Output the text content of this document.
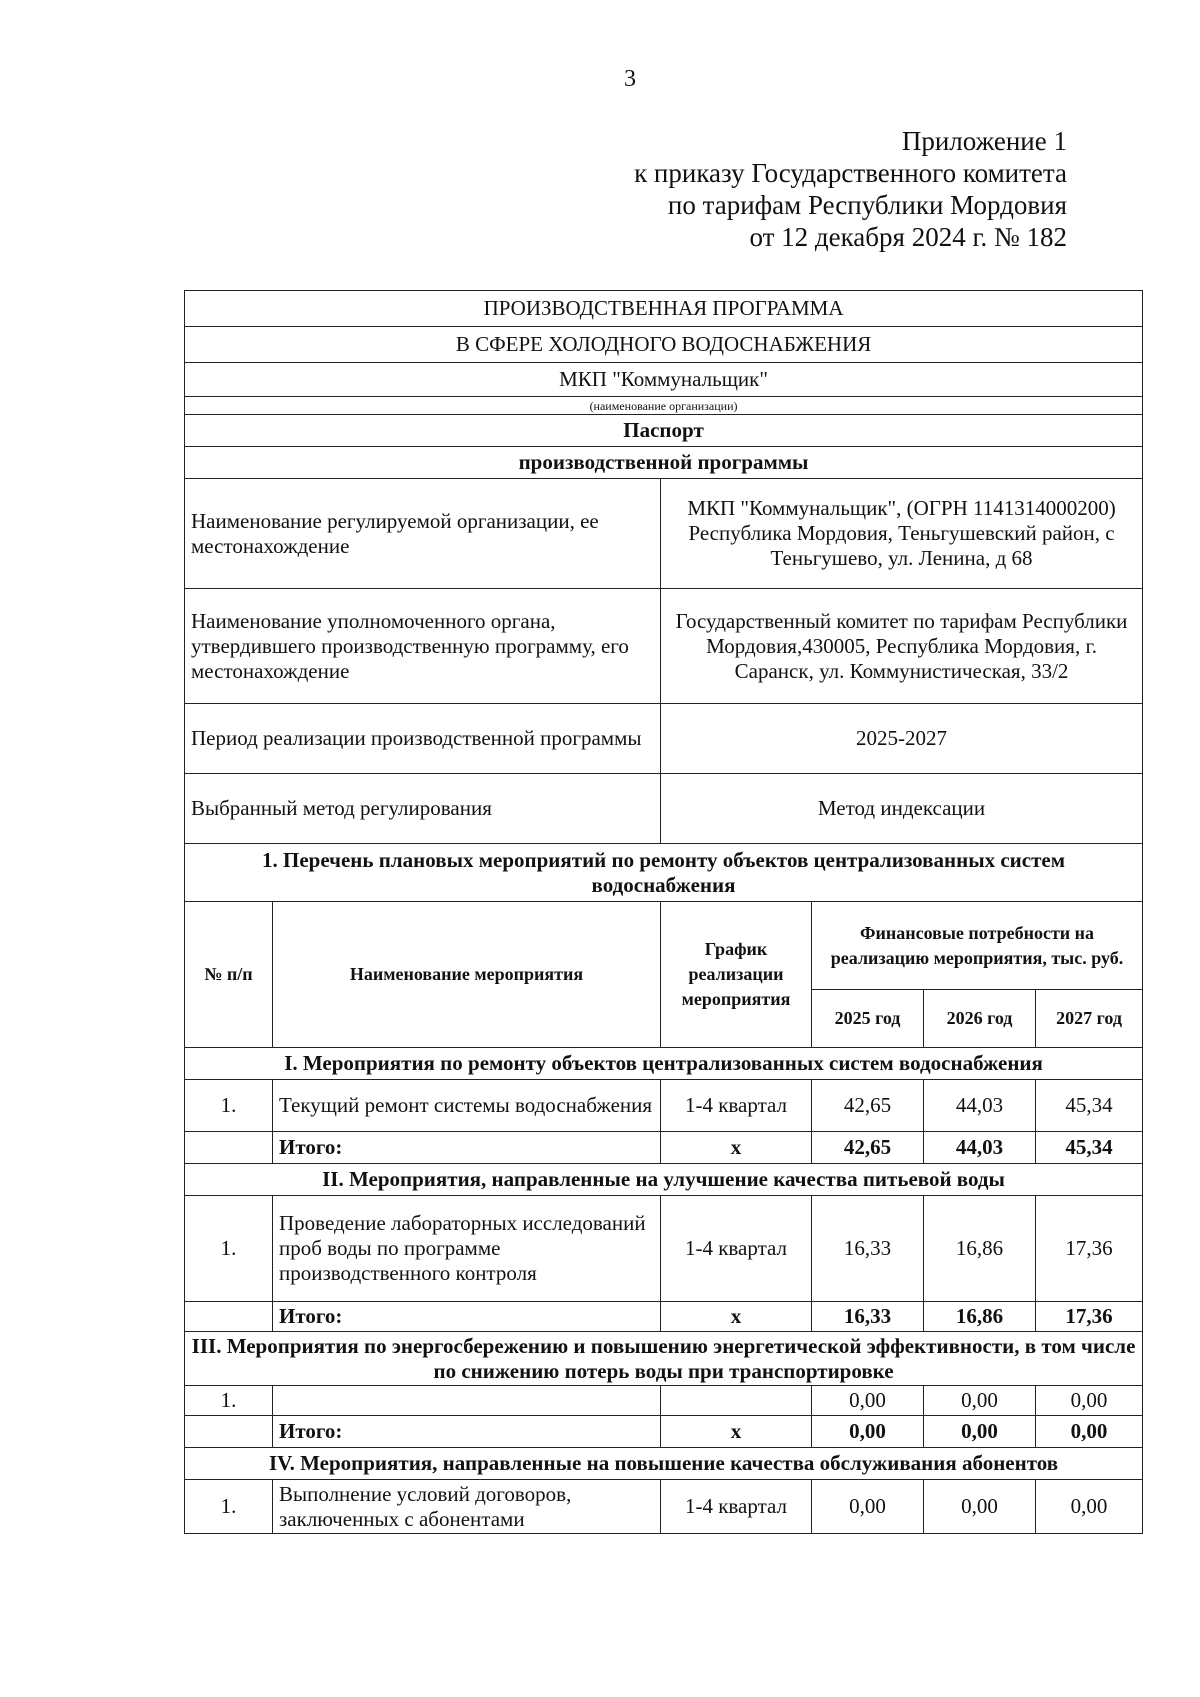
3
Приложение 1
к приказу Государственного комитета
по тарифам Республики Мордовия
от 12 декабря 2024 г. № 182
ПРОИЗВОДСТВЕННАЯ ПРОГРАММА					
В СФЕРЕ ХОЛОДНОГО ВОДОСНАБЖЕНИЯ					
МКП "Коммунальщик"					
(наименование организации)					
Паспорт					
производственной программы					
Наименование регулируемой организации, ее местонахождение		МКП "Коммунальщик", (ОГРН 1141314000200) Республика Мордовия, Теньгушевский район, с Теньгушево, ул. Ленина, д 68			
Наименование уполномоченного органа, утвердившего производственную программу, его местонахождение		Государственный комитет по тарифам Республики Мордовия,430005, Республика Мордовия, г. Саранск, ул. Коммунистическая, 33/2			
Период реализации производственной программы		2025-2027			
Выбранный метод регулирования		Метод индексации			
1. Перечень плановых мероприятий по ремонту объектов централизованных систем водоснабжения					
№ п/п	Наименование мероприятия	График реализации мероприятия	Финансовые потребности на реализацию мероприятия, тыс. руб.		
			2025 год	2026 год	2027 год
I. Мероприятия по ремонту объектов централизованных систем водоснабжения					
1.	Текущий ремонт системы водоснабжения	1-4 квартал	42,65	44,03	45,34
	Итого:	х	42,65	44,03	45,34
II. Мероприятия, направленные на улучшение качества питьевой воды					
1.	Проведение лабораторных исследований проб воды по программе производственного контроля	1-4 квартал	16,33	16,86	17,36
	Итого:	х	16,33	16,86	17,36
III. Мероприятия по энергосбережению и повышению энергетической эффективности, в том числе по снижению потерь воды при транспортировке					
1.			0,00	0,00	0,00
	Итого:	х	0,00	0,00	0,00
IV. Мероприятия, направленные на повышение качества обслуживания абонентов					
1.	Выполнение условий договоров, заключенных с абонентами	1-4 квартал	0,00	0,00	0,00
